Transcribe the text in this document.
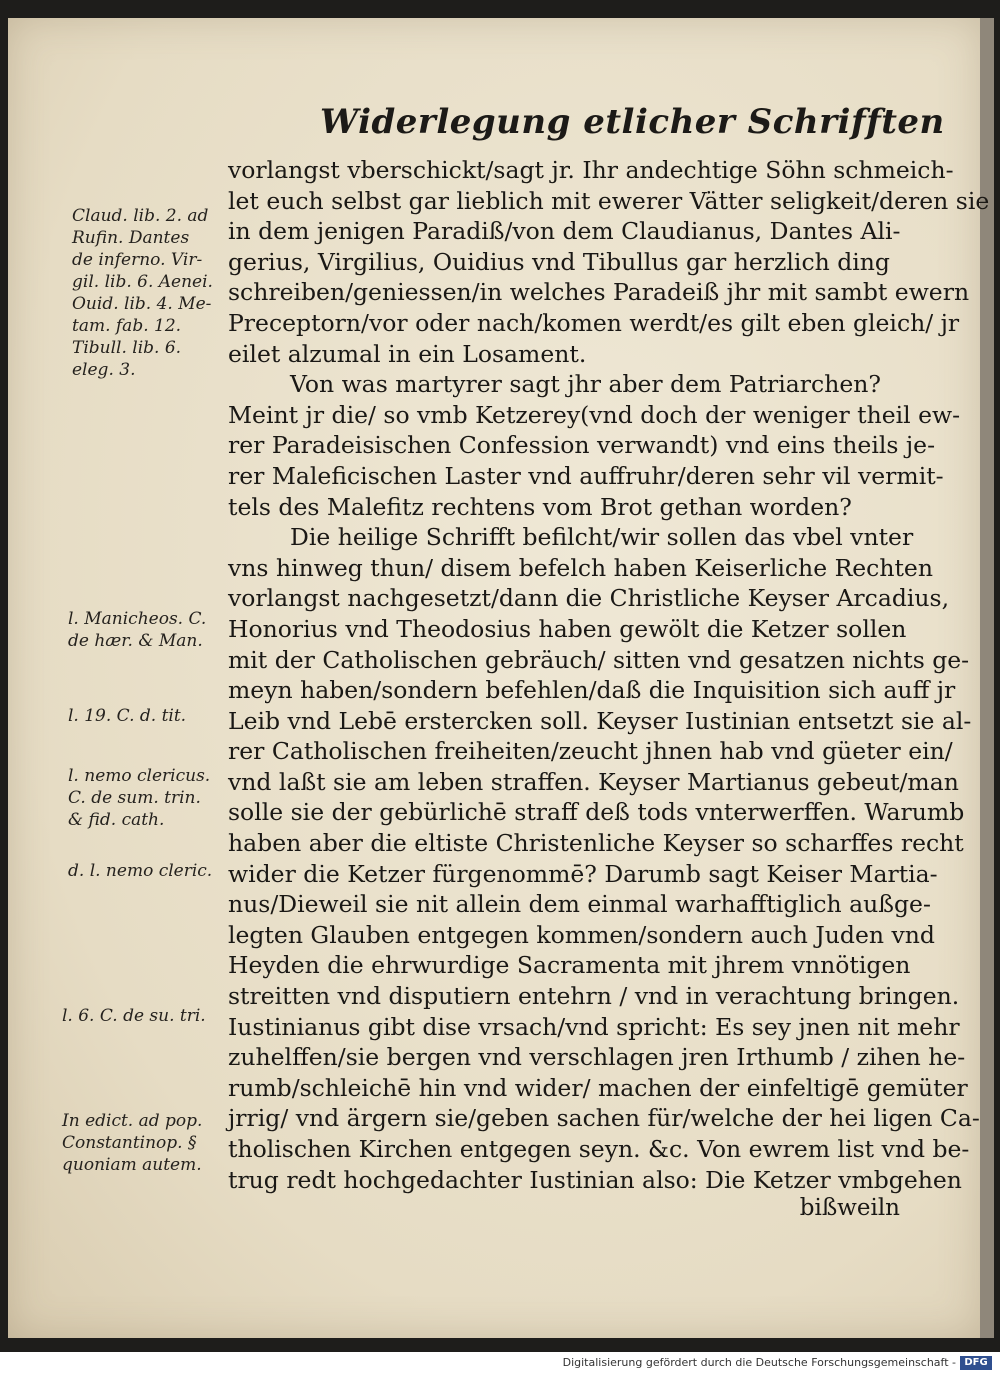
Widerlegung etlicher Schrifften
vorlangst vberschickt/sagt jr. Ihr andechtige Söhn schmeich-
let euch selbst gar lieblich mit ewerer Vätter seligkeit/deren sie
in dem jenigen Paradiß/von dem Claudianus, Dantes Ali-
gerius, Virgilius, Ouidius vnd Tibullus gar herzlich ding
schreiben/geniessen/in welches Paradeiß jhr mit sambt ewern
Preceptorn/vor oder nach/komen werdt/es gilt eben gleich/ jr
eilet alzumal in ein Losament.
Von was martyrer sagt jhr aber dem Patriarchen?
Meint jr die/ so vmb Ketzerey(vnd doch der weniger theil ew-
rer Paradeisischen Confession verwandt) vnd eins theils je-
rer Maleficischen Laster vnd auffruhr/deren sehr vil vermit-
tels des Malefitz rechtens vom Brot gethan worden?
Die heilige Schrifft befilcht/wir sollen das vbel vnter
vns hinweg thun/ disem befelch haben Keiserliche Rechten
vorlangst nachgesetzt/dann die Christliche Keyser Arcadius,
Honorius vnd Theodosius haben gewölt die Ketzer sollen
mit der Catholischen gebräuch/ sitten vnd gesatzen nichts ge-
meyn haben/sondern befehlen/daß die Inquisition sich auff jr
Leib vnd Lebē erstercken soll. Keyser Iustinian entsetzt sie al-
rer Catholischen freiheiten/zeucht jhnen hab vnd güeter ein/
vnd laßt sie am leben straffen. Keyser Martianus gebeut/man
solle sie der gebürlichē straff deß tods vnterwerffen. Warumb
haben aber die eltiste Christenliche Keyser so scharffes recht
wider die Ketzer fürgenommē? Darumb sagt Keiser Martia-
nus/Dieweil sie nit allein dem einmal warhafftiglich außge-
legten Glauben entgegen kommen/sondern auch Juden vnd
Heyden die ehrwurdige Sacramenta mit jhrem vnnötigen
streitten vnd disputiern entehrn / vnd in verachtung bringen.
Iustinianus gibt dise vrsach/vnd spricht: Es sey jnen nit mehr
zuhelffen/sie bergen vnd verschlagen jren Irthumb / zihen he-
rumb/schleichē hin vnd wider/ machen der einfeltigē gemüter
jrrig/ vnd ärgern sie/geben sachen für/welche der hei ligen Ca-
tholischen Kirchen entgegen seyn. &c. Von ewrem list vnd be-
trug redt hochgedachter Iustinian also: Die Ketzer vmbgehen
bißweiln
Claud. lib. 2. ad
Rufin. Dantes
de inferno. Vir-
gil. lib. 6. Aenei.
Ouid. lib. 4. Me-
tam. fab. 12.
Tibull. lib. 6.
eleg. 3.
l. Manicheos. C.
de hær. & Man.
l. 19. C. d. tit.
l. nemo clericus.
C. de sum. trin.
& fid. cath.
d. l. nemo cleric.
l. 6. C. de su. tri.
In edict. ad pop.
Constantinop. §
quoniam autem.
Digitalisierung gefördert durch die Deutsche Forschungsgemeinschaft - DFG
